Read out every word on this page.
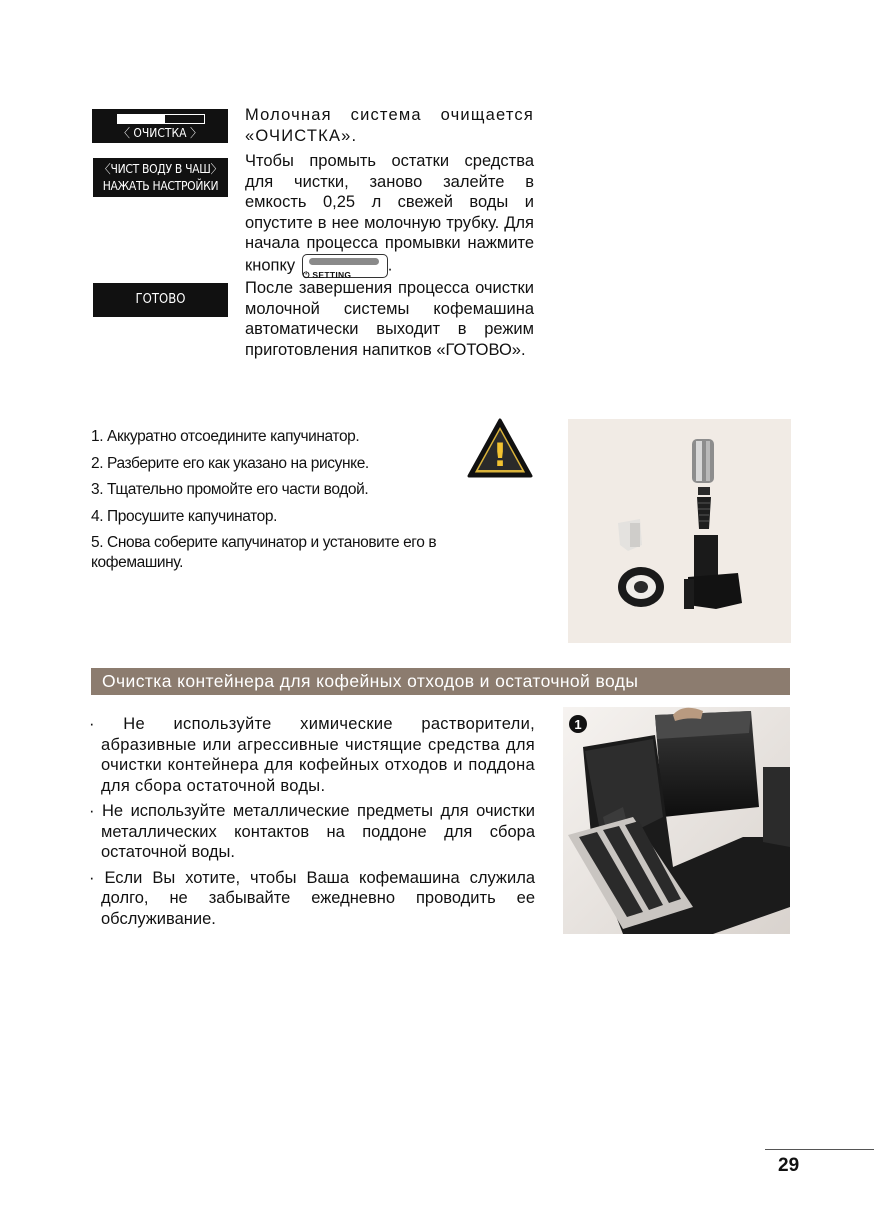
〈 ОЧИСТКА 〉
〈ЧИСТ ВОДУ В ЧАШ〉
НАЖАТЬ НАСТРОЙКИ
ГОТОВО
Молочная система очищается «ОЧИСТКА».
Чтобы промыть остатки средства для чистки, заново залейте в емкость 0,25 л свежей воды и опустите в нее молочную трубку. Для начала процесса промывки нажмите кнопку
⏻ SETTING
.
После завершения процесса очистки молочной системы кофемашина автоматически выходит в режим приготовления напитков «ГОТОВО».
1. Аккуратно отсоедините капучинатор.
2. Разберите его как указано на рисунке.
3. Тщательно промойте его части водой.
4. Просушите капучинатор.
5. Снова соберите капучинатор и установите его в кофемашину.
!
◦
Очистка контейнера для кофейных отходов и остаточной воды
· Не используйте химические растворители, абразивные или агрессивные чистящие средства для очистки контейнера для кофейных отходов и поддона для сбора остаточной воды.
· Не используйте металлические предметы для очистки металлических контактов на поддоне для сбора остаточной воды.
· Если Вы хотите, чтобы Ваша кофемашина служила долго, не забывайте ежедневно проводить ее обслуживание.
1
29
